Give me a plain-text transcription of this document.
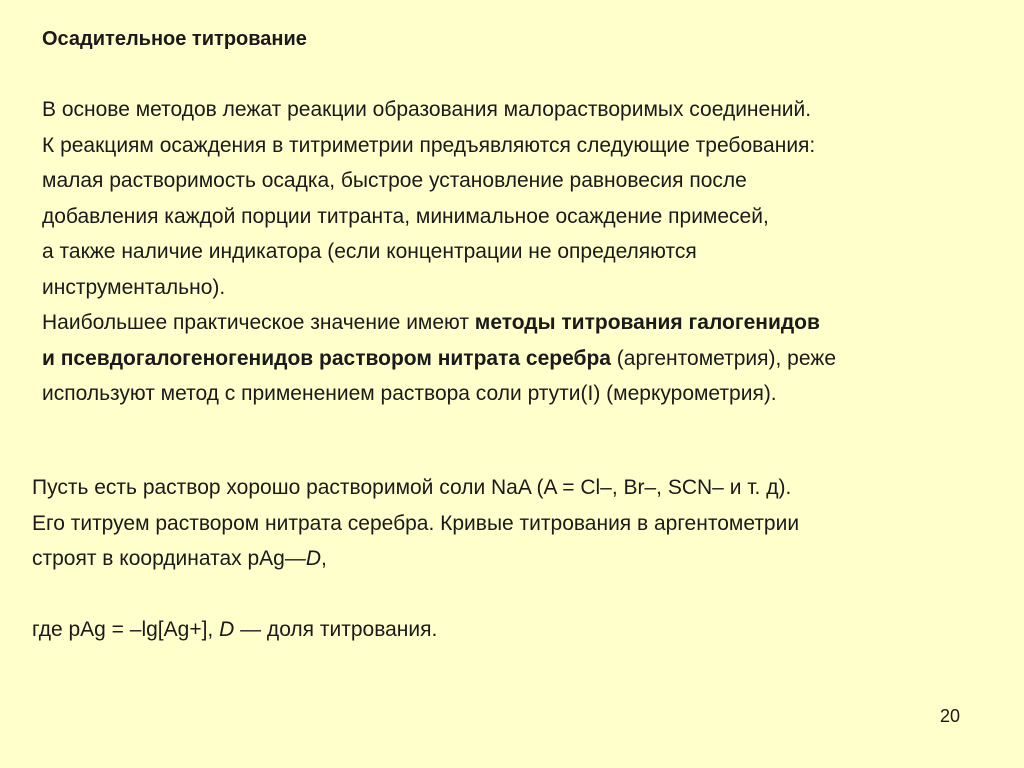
Осадительное титрование
В основе методов лежат реакции образования малорастворимых соединений.
К реакциям осаждения в титриметрии предъявляются следующие требования:
малая растворимость осадка, быстрое установление равновесия после
добавления каждой порции титранта, минимальное осаждение примесей,
а также наличие индикатора (если концентрации не определяются
инструментально).
Наибольшее практическое значение имеют методы титрования галогенидов
и псевдогалогеногенидов раствором нитрата серебра (аргентометрия), реже
используют метод с применением раствора соли ртути(I) (меркурометрия).
Пусть есть раствор хорошо растворимой соли NaA (A = Cl–, Br–, SCN– и т. д).
Его титруем раствором нитрата серебра. Кривые титрования в аргентометрии
строят в координатах pAg—D,
где pAg = –lg[Ag+], D — доля титрования.
20
